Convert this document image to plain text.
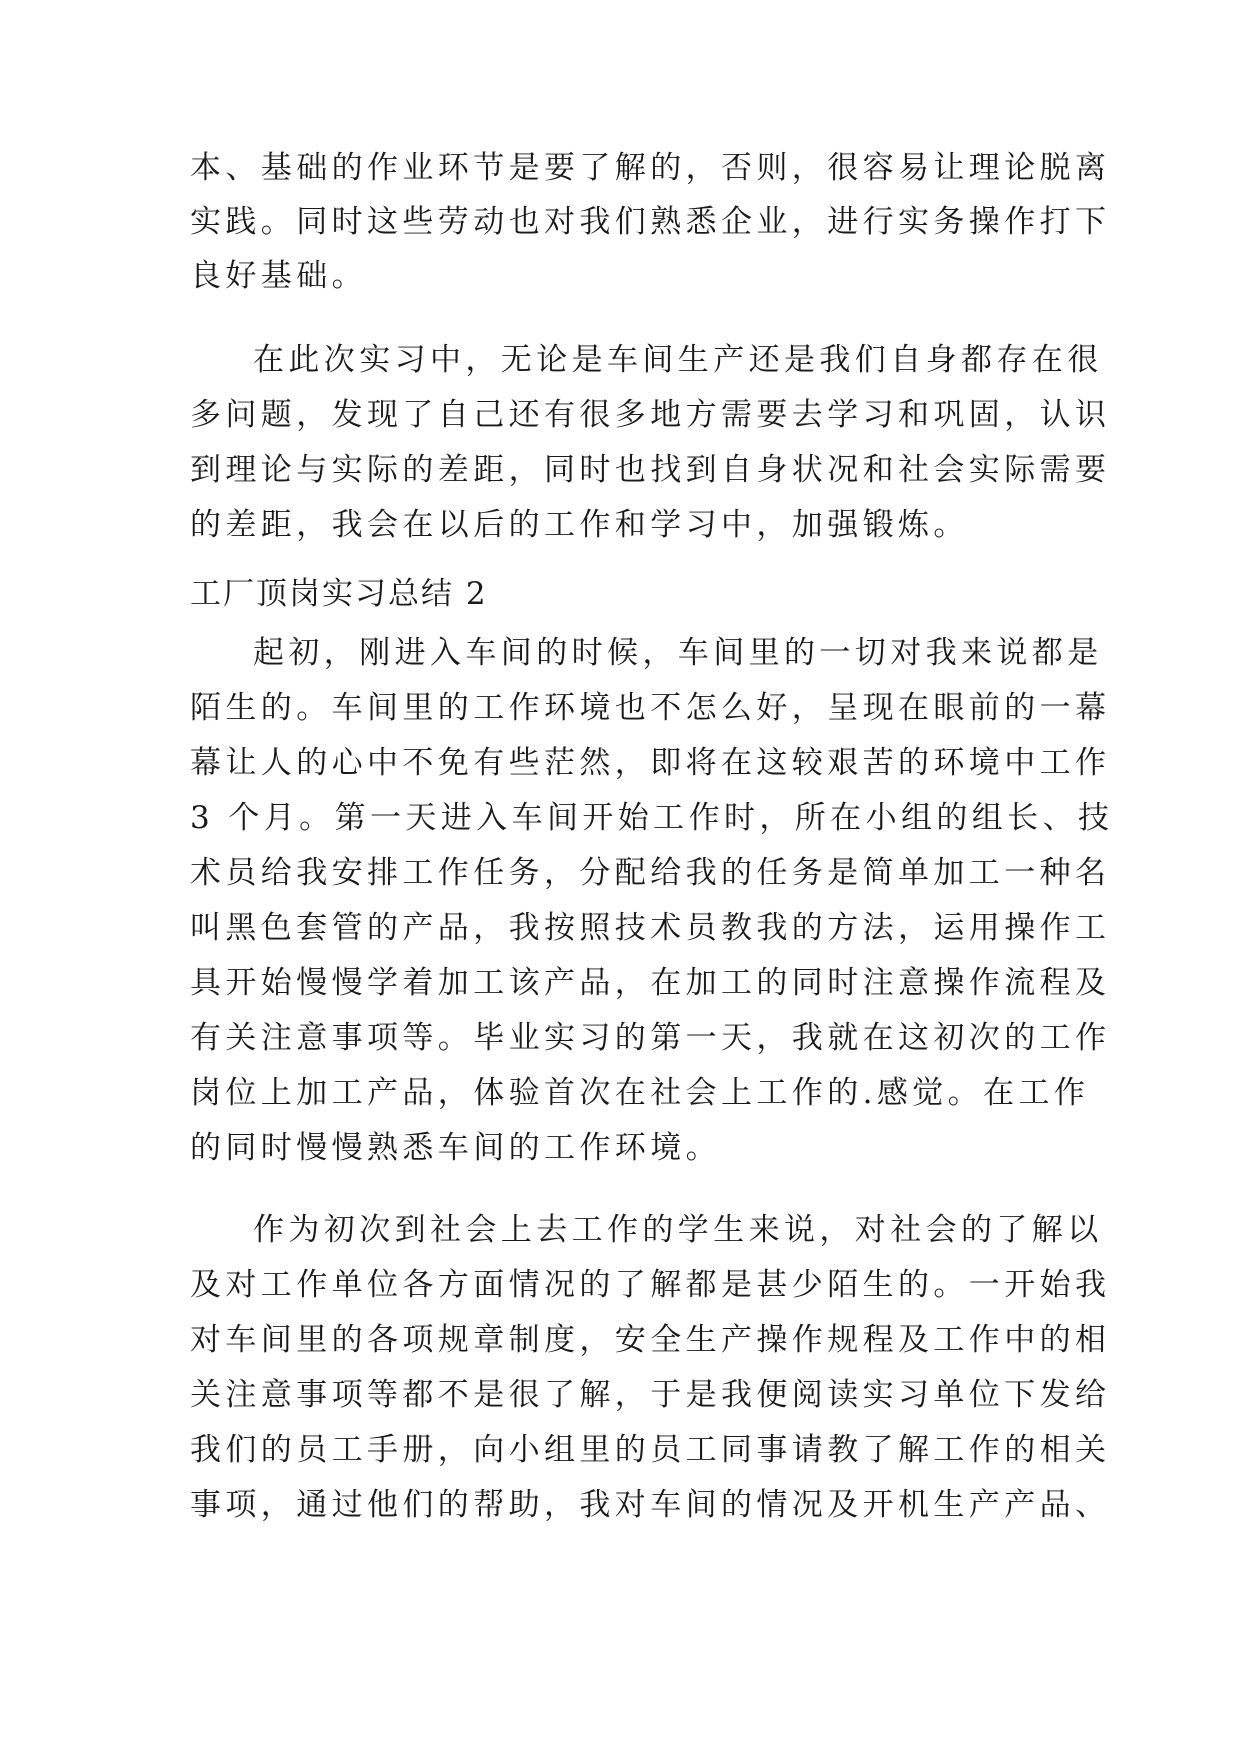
本、基础的作业环节是要了解的，否则，很容易让理论脱离
实践。同时这些劳动也对我们熟悉企业，进行实务操作打下
良好基础。
在此次实习中，无论是车间生产还是我们自身都存在很
多问题，发现了自己还有很多地方需要去学习和巩固，认识
到理论与实际的差距，同时也找到自身状况和社会实际需要
的差距，我会在以后的工作和学习中，加强锻炼。
工厂顶岗实习总结 2
起初，刚进入车间的时候，车间里的一切对我来说都是
陌生的。车间里的工作环境也不怎么好，呈现在眼前的一幕
幕让人的心中不免有些茫然，即将在这较艰苦的环境中工作
3 个月。第一天进入车间开始工作时，所在小组的组长、技
术员给我安排工作任务，分配给我的任务是简单加工一种名
叫黑色套管的产品，我按照技术员教我的方法，运用操作工
具开始慢慢学着加工该产品，在加工的同时注意操作流程及
有关注意事项等。毕业实习的第一天，我就在这初次的工作
岗位上加工产品，体验首次在社会上工作的.感觉。在工作
的同时慢慢熟悉车间的工作环境。
作为初次到社会上去工作的学生来说，对社会的了解以
及对工作单位各方面情况的了解都是甚少陌生的。一开始我
对车间里的各项规章制度，安全生产操作规程及工作中的相
关注意事项等都不是很了解，于是我便阅读实习单位下发给
我们的员工手册，向小组里的员工同事请教了解工作的相关
事项，通过他们的帮助，我对车间的情况及开机生产产品、
